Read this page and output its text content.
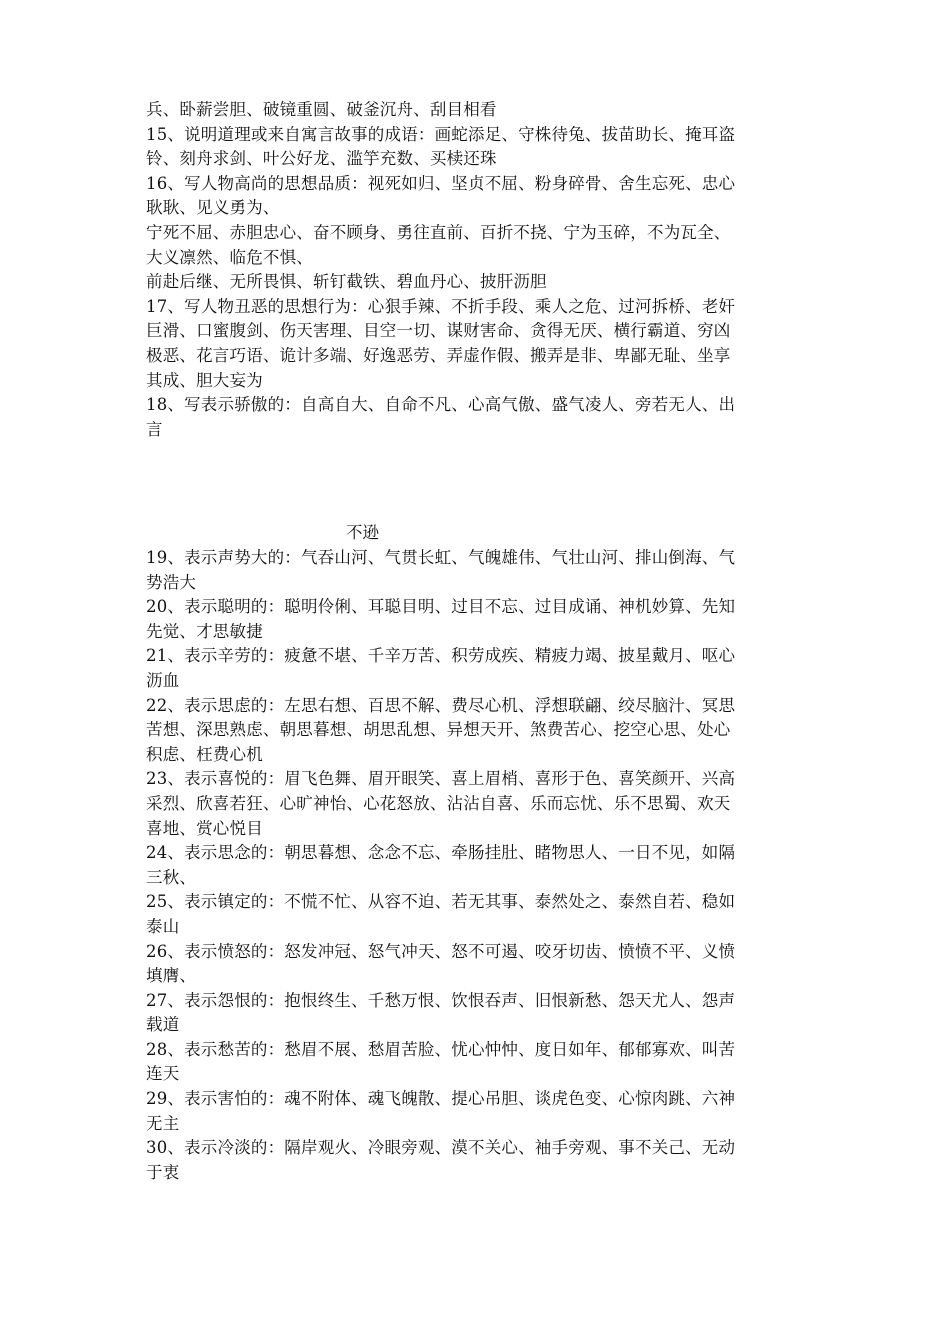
兵、卧薪尝胆、破镜重圆、破釜沉舟、刮目相看
15、说明道理或来自寓言故事的成语：画蛇添足、守株待兔、拔苗助长、掩耳盗
铃、刻舟求剑、叶公好龙、滥竽充数、买椟还珠
16、写人物高尚的思想品质：视死如归、坚贞不屈、粉身碎骨、舍生忘死、忠心
耿耿、见义勇为、
宁死不屈、赤胆忠心、奋不顾身、勇往直前、百折不挠、宁为玉碎，不为瓦全、
大义凛然、临危不惧、
前赴后继、无所畏惧、斩钉截铁、碧血丹心、披肝沥胆
17、写人物丑恶的思想行为：心狠手辣、不折手段、乘人之危、过河拆桥、老奸
巨滑、口蜜腹剑、伤天害理、目空一切、谋财害命、贪得无厌、横行霸道、穷凶
极恶、花言巧语、诡计多端、好逸恶劳、弄虚作假、搬弄是非、卑鄙无耻、坐享
其成、胆大妄为
18、写表示骄傲的：自高自大、自命不凡、心高气傲、盛气凌人、旁若无人、出
言
不逊
19、表示声势大的：气吞山河、气贯长虹、气魄雄伟、气壮山河、排山倒海、气
势浩大
20、表示聪明的：聪明伶俐、耳聪目明、过目不忘、过目成诵、神机妙算、先知
先觉、才思敏捷
21、表示辛劳的：疲惫不堪、千辛万苦、积劳成疾、精疲力竭、披星戴月、呕心
沥血
22、表示思虑的：左思右想、百思不解、费尽心机、浮想联翩、绞尽脑汁、冥思
苦想、深思熟虑、朝思暮想、胡思乱想、异想天开、煞费苦心、挖空心思、处心
积虑、枉费心机
23、表示喜悦的：眉飞色舞、眉开眼笑、喜上眉梢、喜形于色、喜笑颜开、兴高
采烈、欣喜若狂、心旷神怡、心花怒放、沾沾自喜、乐而忘忧、乐不思蜀、欢天
喜地、赏心悦目
24、表示思念的：朝思暮想、念念不忘、牵肠挂肚、睹物思人、一日不见，如隔
三秋、
25、表示镇定的：不慌不忙、从容不迫、若无其事、泰然处之、泰然自若、稳如
泰山
26、表示愤怒的：怒发冲冠、怒气冲天、怒不可遏、咬牙切齿、愤愤不平、义愤
填膺、
27、表示怨恨的：抱恨终生、千愁万恨、饮恨吞声、旧恨新愁、怨天尤人、怨声
载道
28、表示愁苦的：愁眉不展、愁眉苦脸、忧心忡忡、度日如年、郁郁寡欢、叫苦
连天
29、表示害怕的：魂不附体、魂飞魄散、提心吊胆、谈虎色变、心惊肉跳、六神
无主
30、表示冷淡的：隔岸观火、冷眼旁观、漠不关心、袖手旁观、事不关己、无动
于衷
